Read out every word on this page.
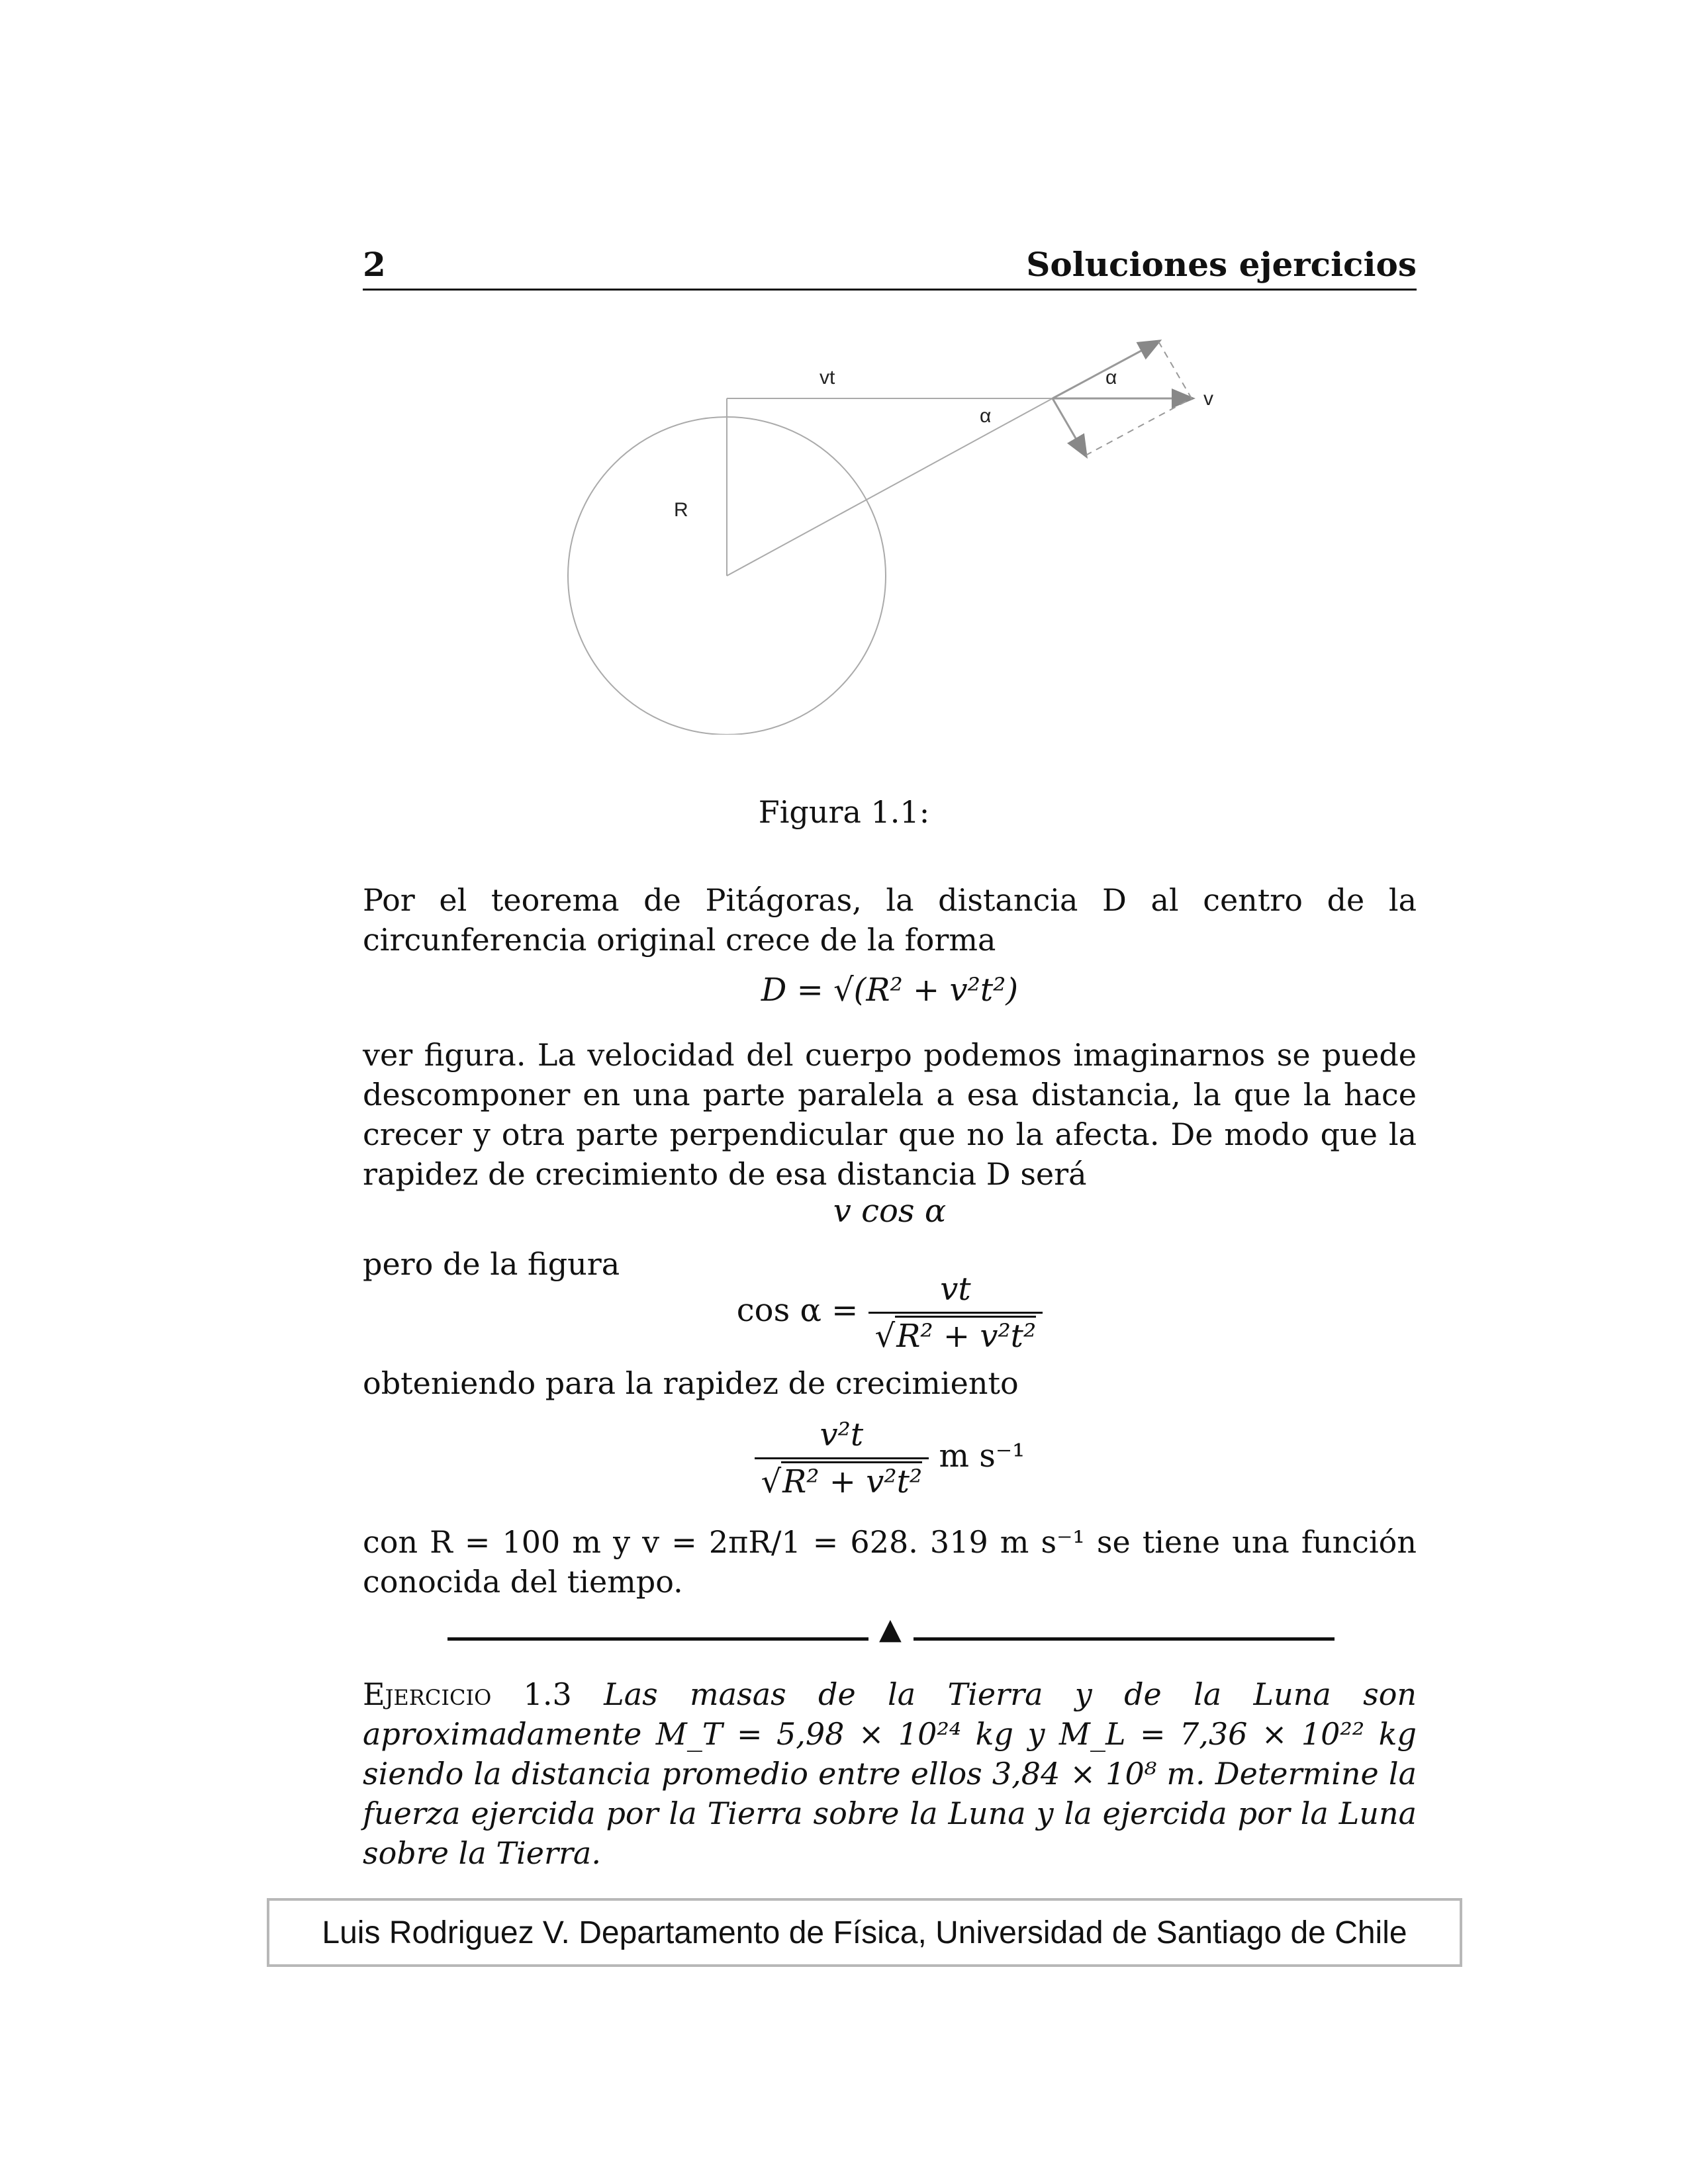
2	Soluciones ejercicios
vt
α
α
v
R
Figura 1.1:
Por el teorema de Pitágoras, la distancia D al centro de la circunferencia original crece de la forma
D = √(R² + v²t²)
ver figura. La velocidad del cuerpo podemos imaginarnos se puede descomponer en una parte paralela a esa distancia, la que la hace crecer y otra parte perpendicular que no la afecta. De modo que la rapidez de crecimiento de esa distancia D será
v cos α
pero de la figura
$\cos \alpha = \frac{vt}{\text{√R² + v²t²}}$
obteniendo para la rapidez de crecimiento
$\frac{\text{v²t}}{\text{√R² + v²t²}}$ m s⁻¹
con R = 100 m y v = 2πR/1 = 628. 319 m s⁻¹ se tiene una función conocida del tiempo.
▲
Ejercicio 1.3 Las masas de la Tierra y de la Luna son aproximadamente M_T = 5,98 × 10²⁴ kg y M_L = 7,36 × 10²² kg siendo la distancia promedio entre ellos 3,84 × 10⁸ m. Determine la fuerza ejercida por la Tierra sobre la Luna y la ejercida por la Luna sobre la Tierra.
Luis Rodriguez V. Departamento de Física, Universidad de Santiago de Chile
